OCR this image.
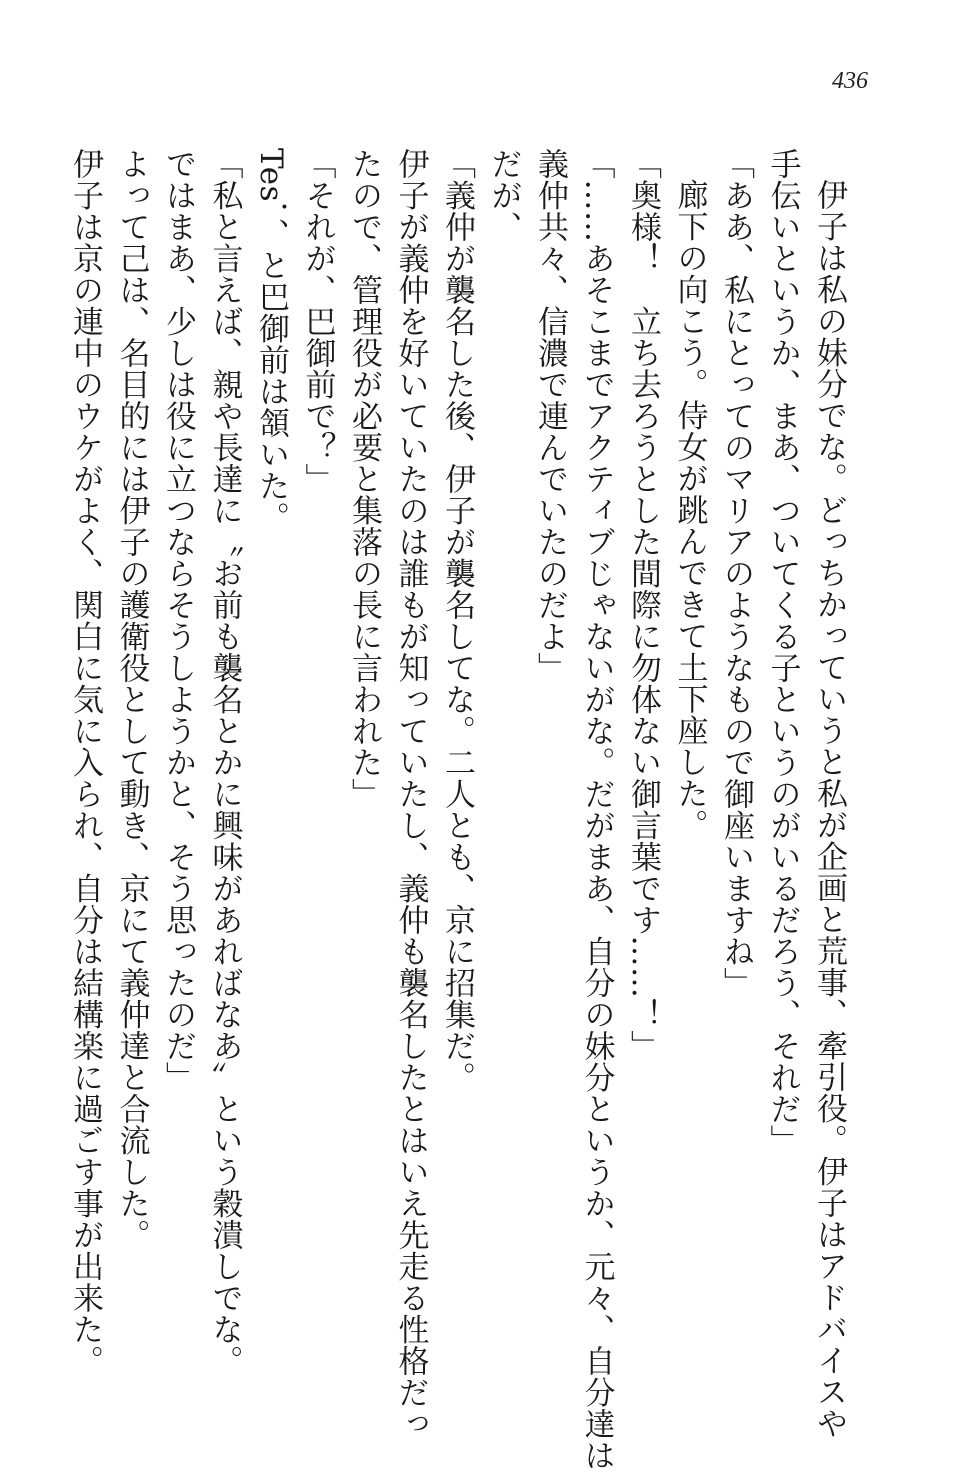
436
伊子は私の妹分でな。どっちかっていうと私が企画と荒事、牽引役。伊子はアドバイスや
手伝いというか、まあ、ついてくる子というのがいるだろう、それだ」
「ああ、私にとってのマリアのようなもので御座いますね」
廊下の向こう。侍女が跳んできて土下座した。
「奥様！　立ち去ろうとした間際に勿体ない御言葉です……！」
「……あそこまでアクティブじゃないがな。だがまあ、自分の妹分というか、元々、自分達は
義仲共々、信濃で連んでいたのだよ」
だが、
「義仲が襲名した後、伊子が襲名してな。二人とも、京に招集だ。
伊子が義仲を好いていたのは誰もが知っていたし、義仲も襲名したとはいえ先走る性格だっ
たので、管理役が必要と集落の長に言われた」
「それが、巴御前で？」
Tes．、と巴御前は頷いた。
「私と言えば、親や長達に〝お前も襲名とかに興味があればなあ〟という穀潰しでな。
ではまあ、少しは役に立つならそうしようかと、そう思ったのだ」
よって己は、名目的には伊子の護衛役として動き、京にて義仲達と合流した。
伊子は京の連中のウケがよく、関白に気に入られ、自分は結構楽に過ごす事が出来た。
